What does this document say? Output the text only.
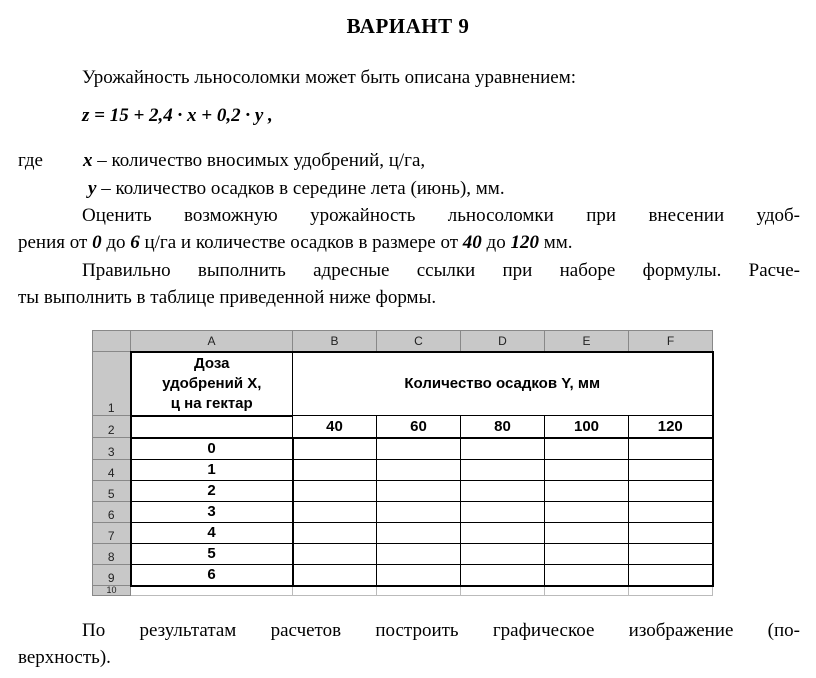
ВАРИАНТ 9
Урожайность льносоломки может быть описана уравнением:
z = 15 + 2,4 · x + 0,2 · y ,
где x – количество вносимых удобрений, ц/га,
y – количество осадков в середине лета (июнь), мм.
Оценить возможную урожайность льносоломки при внесении удоб-
рения от 0 до 6 ц/га и количестве осадков в размере от 40 до 120 мм.
Правильно выполнить адресные ссылки при наборе формулы. Расче-
ты выполнить в таблице приведенной ниже формы.
	A	B	C	D	E	F
1	Доза
удобрений X,
ц на гектар	Количество осадков Y, мм				
2		40	60	80	100	120
3	0					
4	1					
5	2					
6	3					
7	4					
8	5					
9	6					
10						
По результатам расчетов построить графическое изображение (по-
верхность).
